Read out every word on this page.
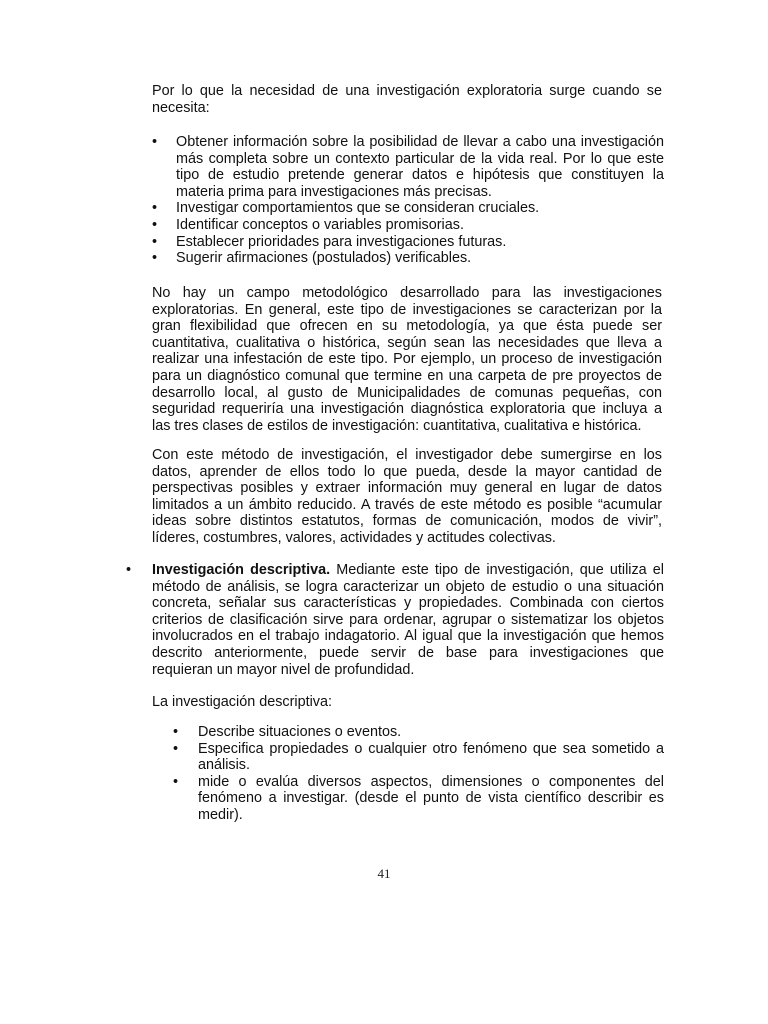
Por lo que la necesidad de una investigación exploratoria surge cuando se necesita:

•	Obtener información sobre la posibilidad de llevar a cabo una investigación más completa sobre un contexto particular de la vida real. Por lo que este tipo de estudio pretende generar datos e hipótesis que constituyen la materia prima para investigaciones más precisas.
•	Investigar comportamientos que se consideran cruciales.
•	Identificar conceptos o variables promisorias.
•	Establecer prioridades para investigaciones futuras.
•	Sugerir afirmaciones (postulados) verificables.

No hay un campo metodológico desarrollado para las investigaciones exploratorias. En general, este tipo de investigaciones se caracterizan por la gran flexibilidad que ofrecen en su metodología, ya que ésta puede ser cuantitativa, cualitativa o histórica, según sean las necesidades que lleva a realizar una infestación de este tipo. Por ejemplo, un proceso de investigación para un diagnóstico comunal que termine en una carpeta de pre proyectos de desarrollo local, al gusto de Municipalidades de comunas pequeñas, con seguridad requeriría una investigación diagnóstica exploratoria que incluya a las tres clases de estilos de investigación: cuantitativa, cualitativa e histórica.

Con este método de investigación, el investigador debe sumergirse en los datos, aprender de ellos todo lo que pueda, desde la mayor cantidad de perspectivas posibles y extraer información muy general en lugar de datos limitados a un ámbito reducido. A través de este método es posible “acumular ideas sobre distintos estatutos, formas de comunicación, modos de vivir”, líderes, costumbres, valores, actividades y actitudes colectivas.

•	Investigación descriptiva. Mediante este tipo de investigación, que utiliza el método de análisis, se logra caracterizar un objeto de estudio o una situación concreta, señalar sus características y propiedades. Combinada con ciertos criterios de clasificación sirve para ordenar, agrupar o sistematizar los objetos involucrados en el trabajo indagatorio. Al igual que la investigación que hemos descrito anteriormente, puede servir de base para investigaciones que requieran un mayor nivel de profundidad.

La investigación descriptiva:

•	Describe situaciones o eventos.
•	Especifica propiedades o cualquier otro fenómeno que sea sometido a análisis.
•	mide o evalúa diversos aspectos, dimensiones o componentes del fenómeno a investigar. (desde el punto de vista científico describir es medir).
41
